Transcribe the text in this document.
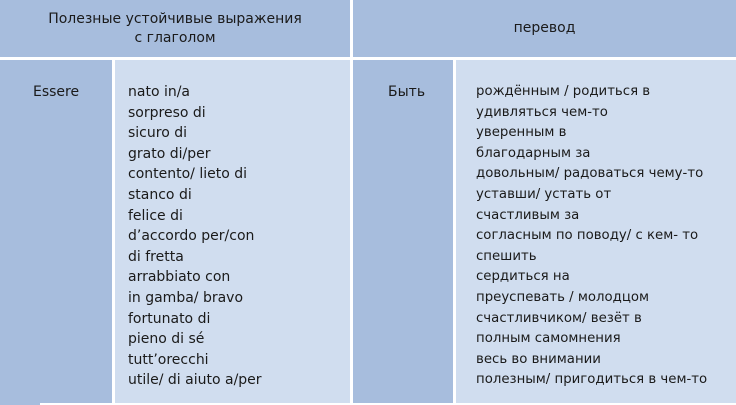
Полезные устойчивые выражения
с глаголом
перевод
Essere	nato in/a
sorpreso di
sicuro di
grato di/per
contento/ lieto di
stanco di
felice di
d’accordo per/con
di fretta
arrabbiato con
in gamba/ bravo
fortunato di
pieno di sé
tutt’orecchi
utile/ di aiuto a/per
Быть	рождённым / родиться в
удивляться чем-то
уверенным в
благодарным за
довольным/ радоваться чему-то
уставши/ устать от
счастливым за
согласным по поводу/ с кем- то
спешить
сердиться на
преуспевать / молодцом
счастливчиком/ везёт в
полным самомнения
весь во внимании
полезным/ пригодиться в чем-то
